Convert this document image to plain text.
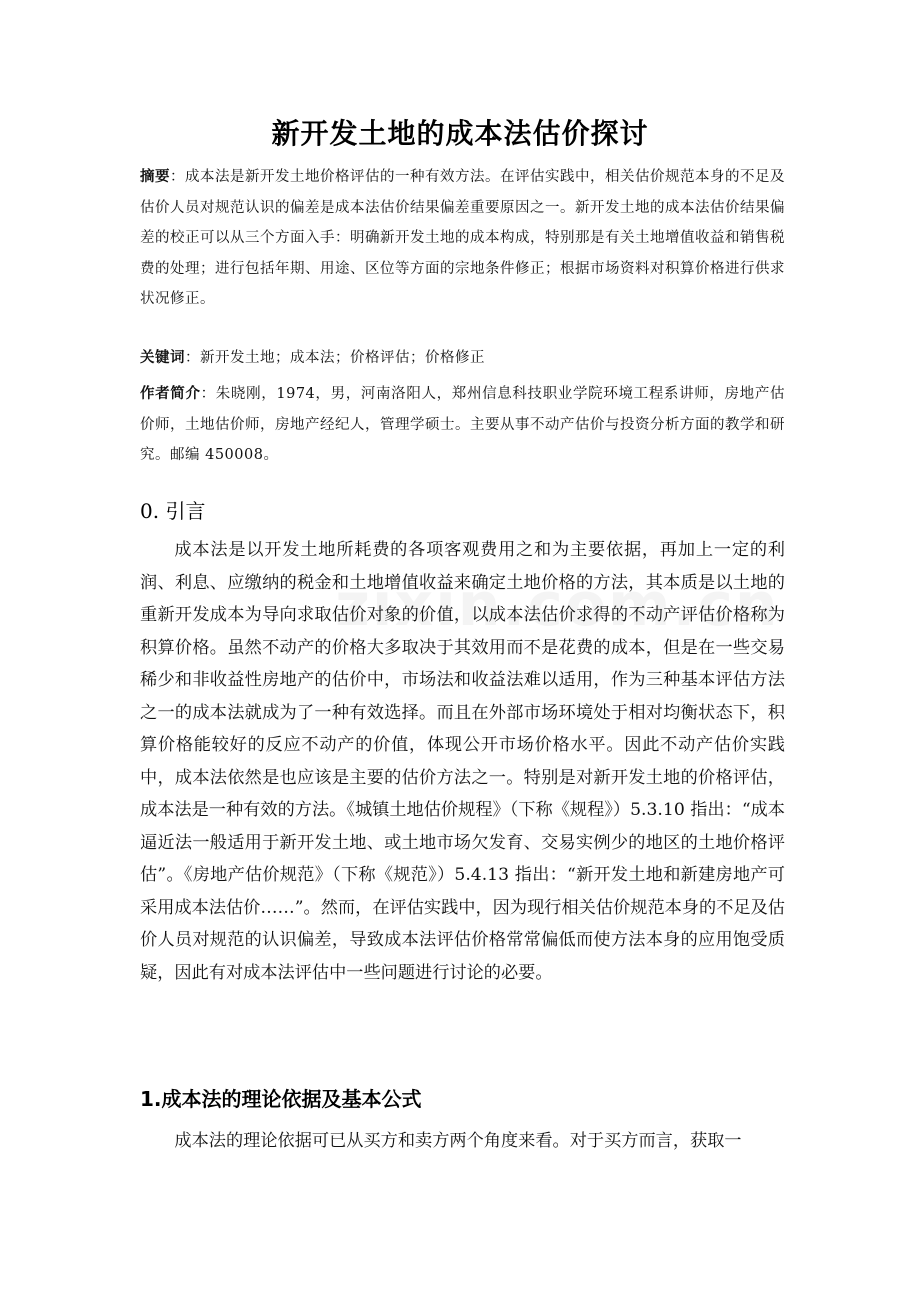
新开发土地的成本法估价探讨

摘要：成本法是新开发土地价格评估的一种有效方法。在评估实践中，相关估价规范本身的不足及估价人员对规范认识的偏差是成本法估价结果偏差重要原因之一。新开发土地的成本法估价结果偏差的校正可以从三个方面入手：明确新开发土地的成本构成，特别那是有关土地增值收益和销售税费的处理；进行包括年期、用途、区位等方面的宗地条件修正；根据市场资料对积算价格进行供求状况修正。

关键词：新开发土地；成本法；价格评估；价格修正

作者简介：朱晓刚，1974，男，河南洛阳人，郑州信息科技职业学院环境工程系讲师，房地产估价师，土地估价师，房地产经纪人，管理学硕士。主要从事不动产估价与投资分析方面的教学和研究。邮编 450008。

0. 引言

成本法是以开发土地所耗费的各项客观费用之和为主要依据，再加上一定的利润、利息、应缴纳的税金和土地增值收益来确定土地价格的方法，其本质是以土地的重新开发成本为导向求取估价对象的价值，以成本法估价求得的不动产评估价格称为积算价格。虽然不动产的价格大多取决于其效用而不是花费的成本，但是在一些交易稀少和非收益性房地产的估价中，市场法和收益法难以适用，作为三种基本评估方法之一的成本法就成为了一种有效选择。而且在外部市场环境处于相对均衡状态下，积算价格能较好的反应不动产的价值，体现公开市场价格水平。因此不动产估价实践中，成本法依然是也应该是主要的估价方法之一。特别是对新开发土地的价格评估，成本法是一种有效的方法。《城镇土地估价规程》（下称《规程》）5.3.10 指出：“成本逼近法一般适用于新开发土地、或土地市场欠发育、交易实例少的地区的土地价格评估”。《房地产估价规范》（下称《规范》）5.4.13 指出：“新开发土地和新建房地产可采用成本法估价……”。然而，在评估实践中，因为现行相关估价规范本身的不足及估价人员对规范的认识偏差，导致成本法评估价格常常偏低而使方法本身的应用饱受质疑，因此有对成本法评估中一些问题进行讨论的必要。

1.成本法的理论依据及基本公式

成本法的理论依据可已从买方和卖方两个角度来看。对于买方而言，获取一
